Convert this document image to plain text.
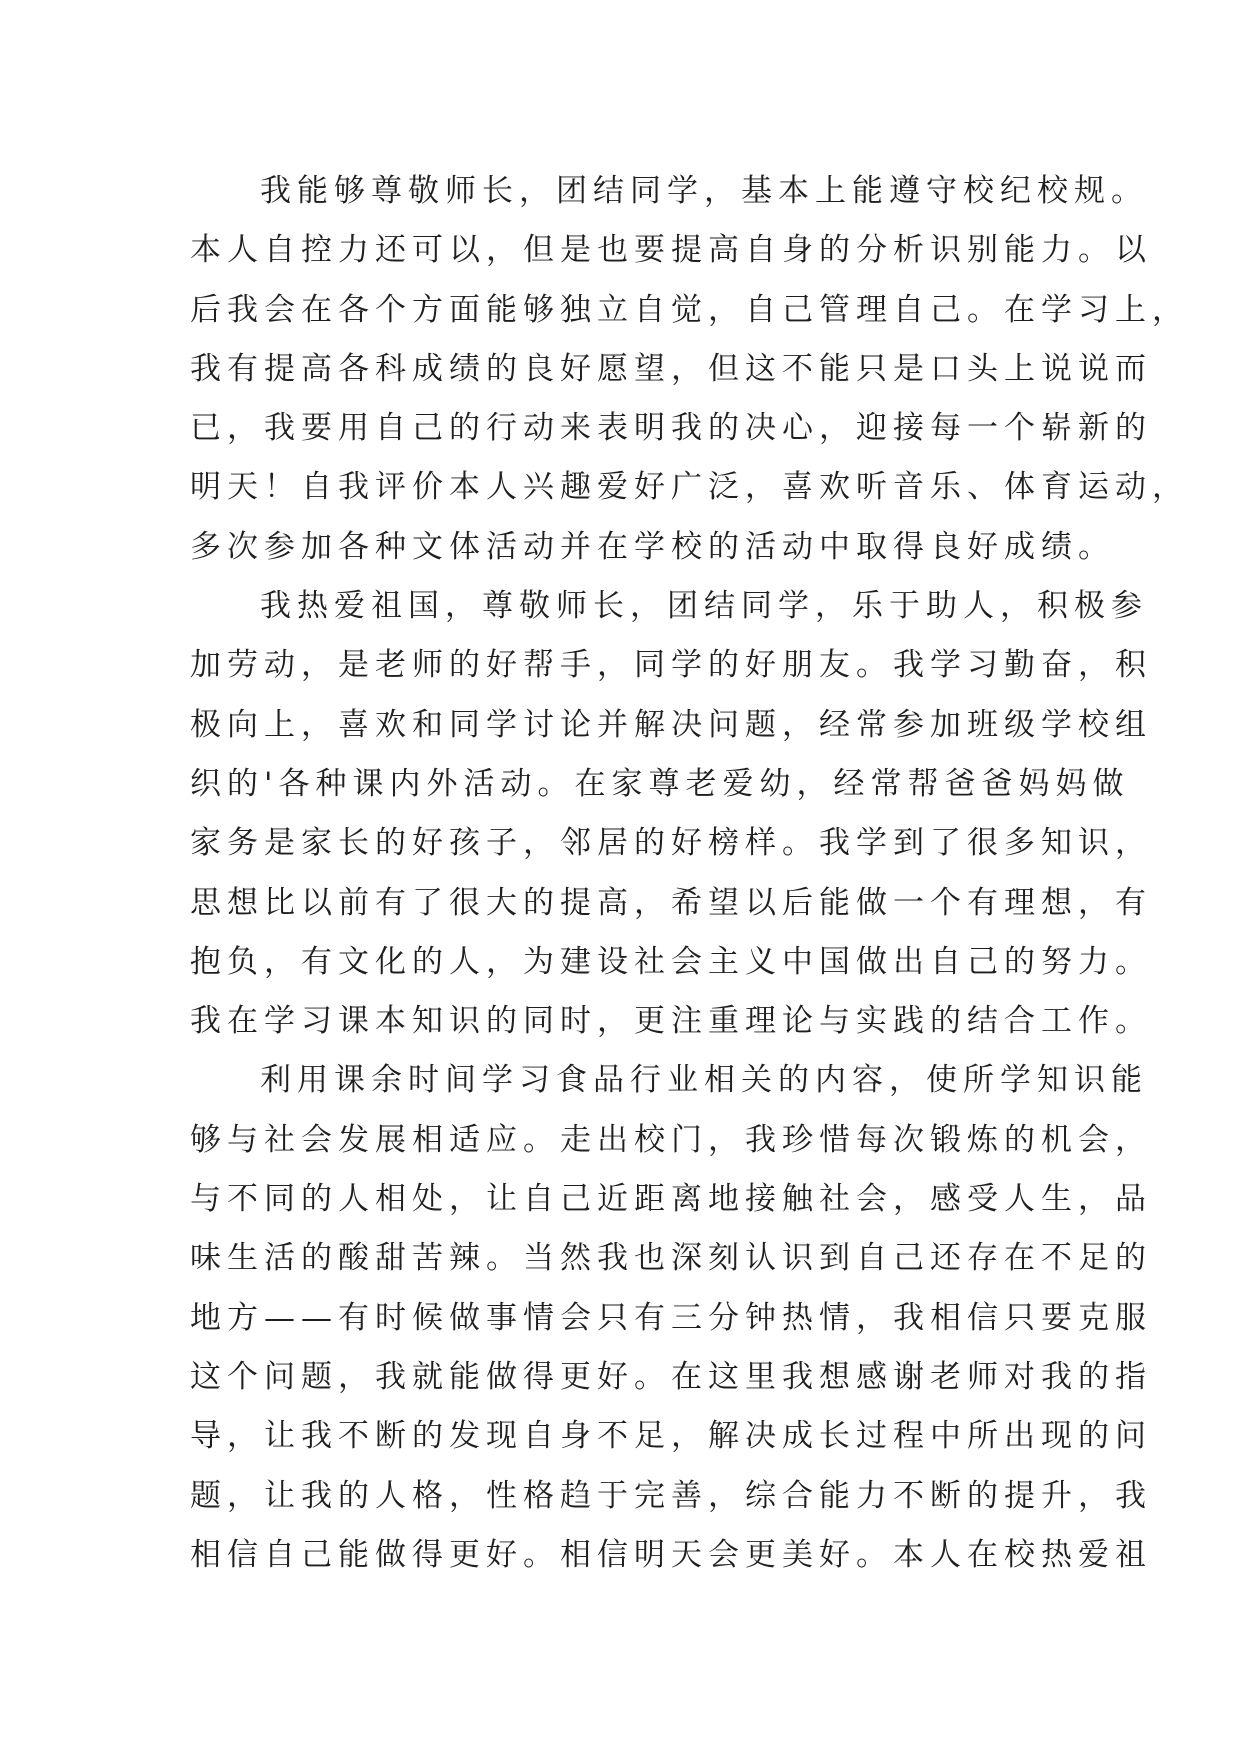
我能够尊敬师长，团结同学，基本上能遵守校纪校规。
本人自控力还可以，但是也要提高自身的分析识别能力。以
后我会在各个方面能够独立自觉，自己管理自己。在学习上，
我有提高各科成绩的良好愿望，但这不能只是口头上说说而
已，我要用自己的行动来表明我的决心，迎接每一个崭新的
明天！自我评价本人兴趣爱好广泛，喜欢听音乐、体育运动，
多次参加各种文体活动并在学校的活动中取得良好成绩。
我热爱祖国，尊敬师长，团结同学，乐于助人，积极参
加劳动，是老师的好帮手，同学的好朋友。我学习勤奋，积
极向上，喜欢和同学讨论并解决问题，经常参加班级学校组
织的'各种课内外活动。在家尊老爱幼，经常帮爸爸妈妈做
家务是家长的好孩子，邻居的好榜样。我学到了很多知识，
思想比以前有了很大的提高，希望以后能做一个有理想，有
抱负，有文化的人，为建设社会主义中国做出自己的努力。
我在学习课本知识的同时，更注重理论与实践的结合工作。
利用课余时间学习食品行业相关的内容，使所学知识能
够与社会发展相适应。走出校门，我珍惜每次锻炼的机会，
与不同的人相处，让自己近距离地接触社会，感受人生，品
味生活的酸甜苦辣。当然我也深刻认识到自己还存在不足的
地方——有时候做事情会只有三分钟热情，我相信只要克服
这个问题，我就能做得更好。在这里我想感谢老师对我的指
导，让我不断的发现自身不足，解决成长过程中所出现的问
题，让我的人格，性格趋于完善，综合能力不断的提升，我
相信自己能做得更好。相信明天会更美好。本人在校热爱祖
